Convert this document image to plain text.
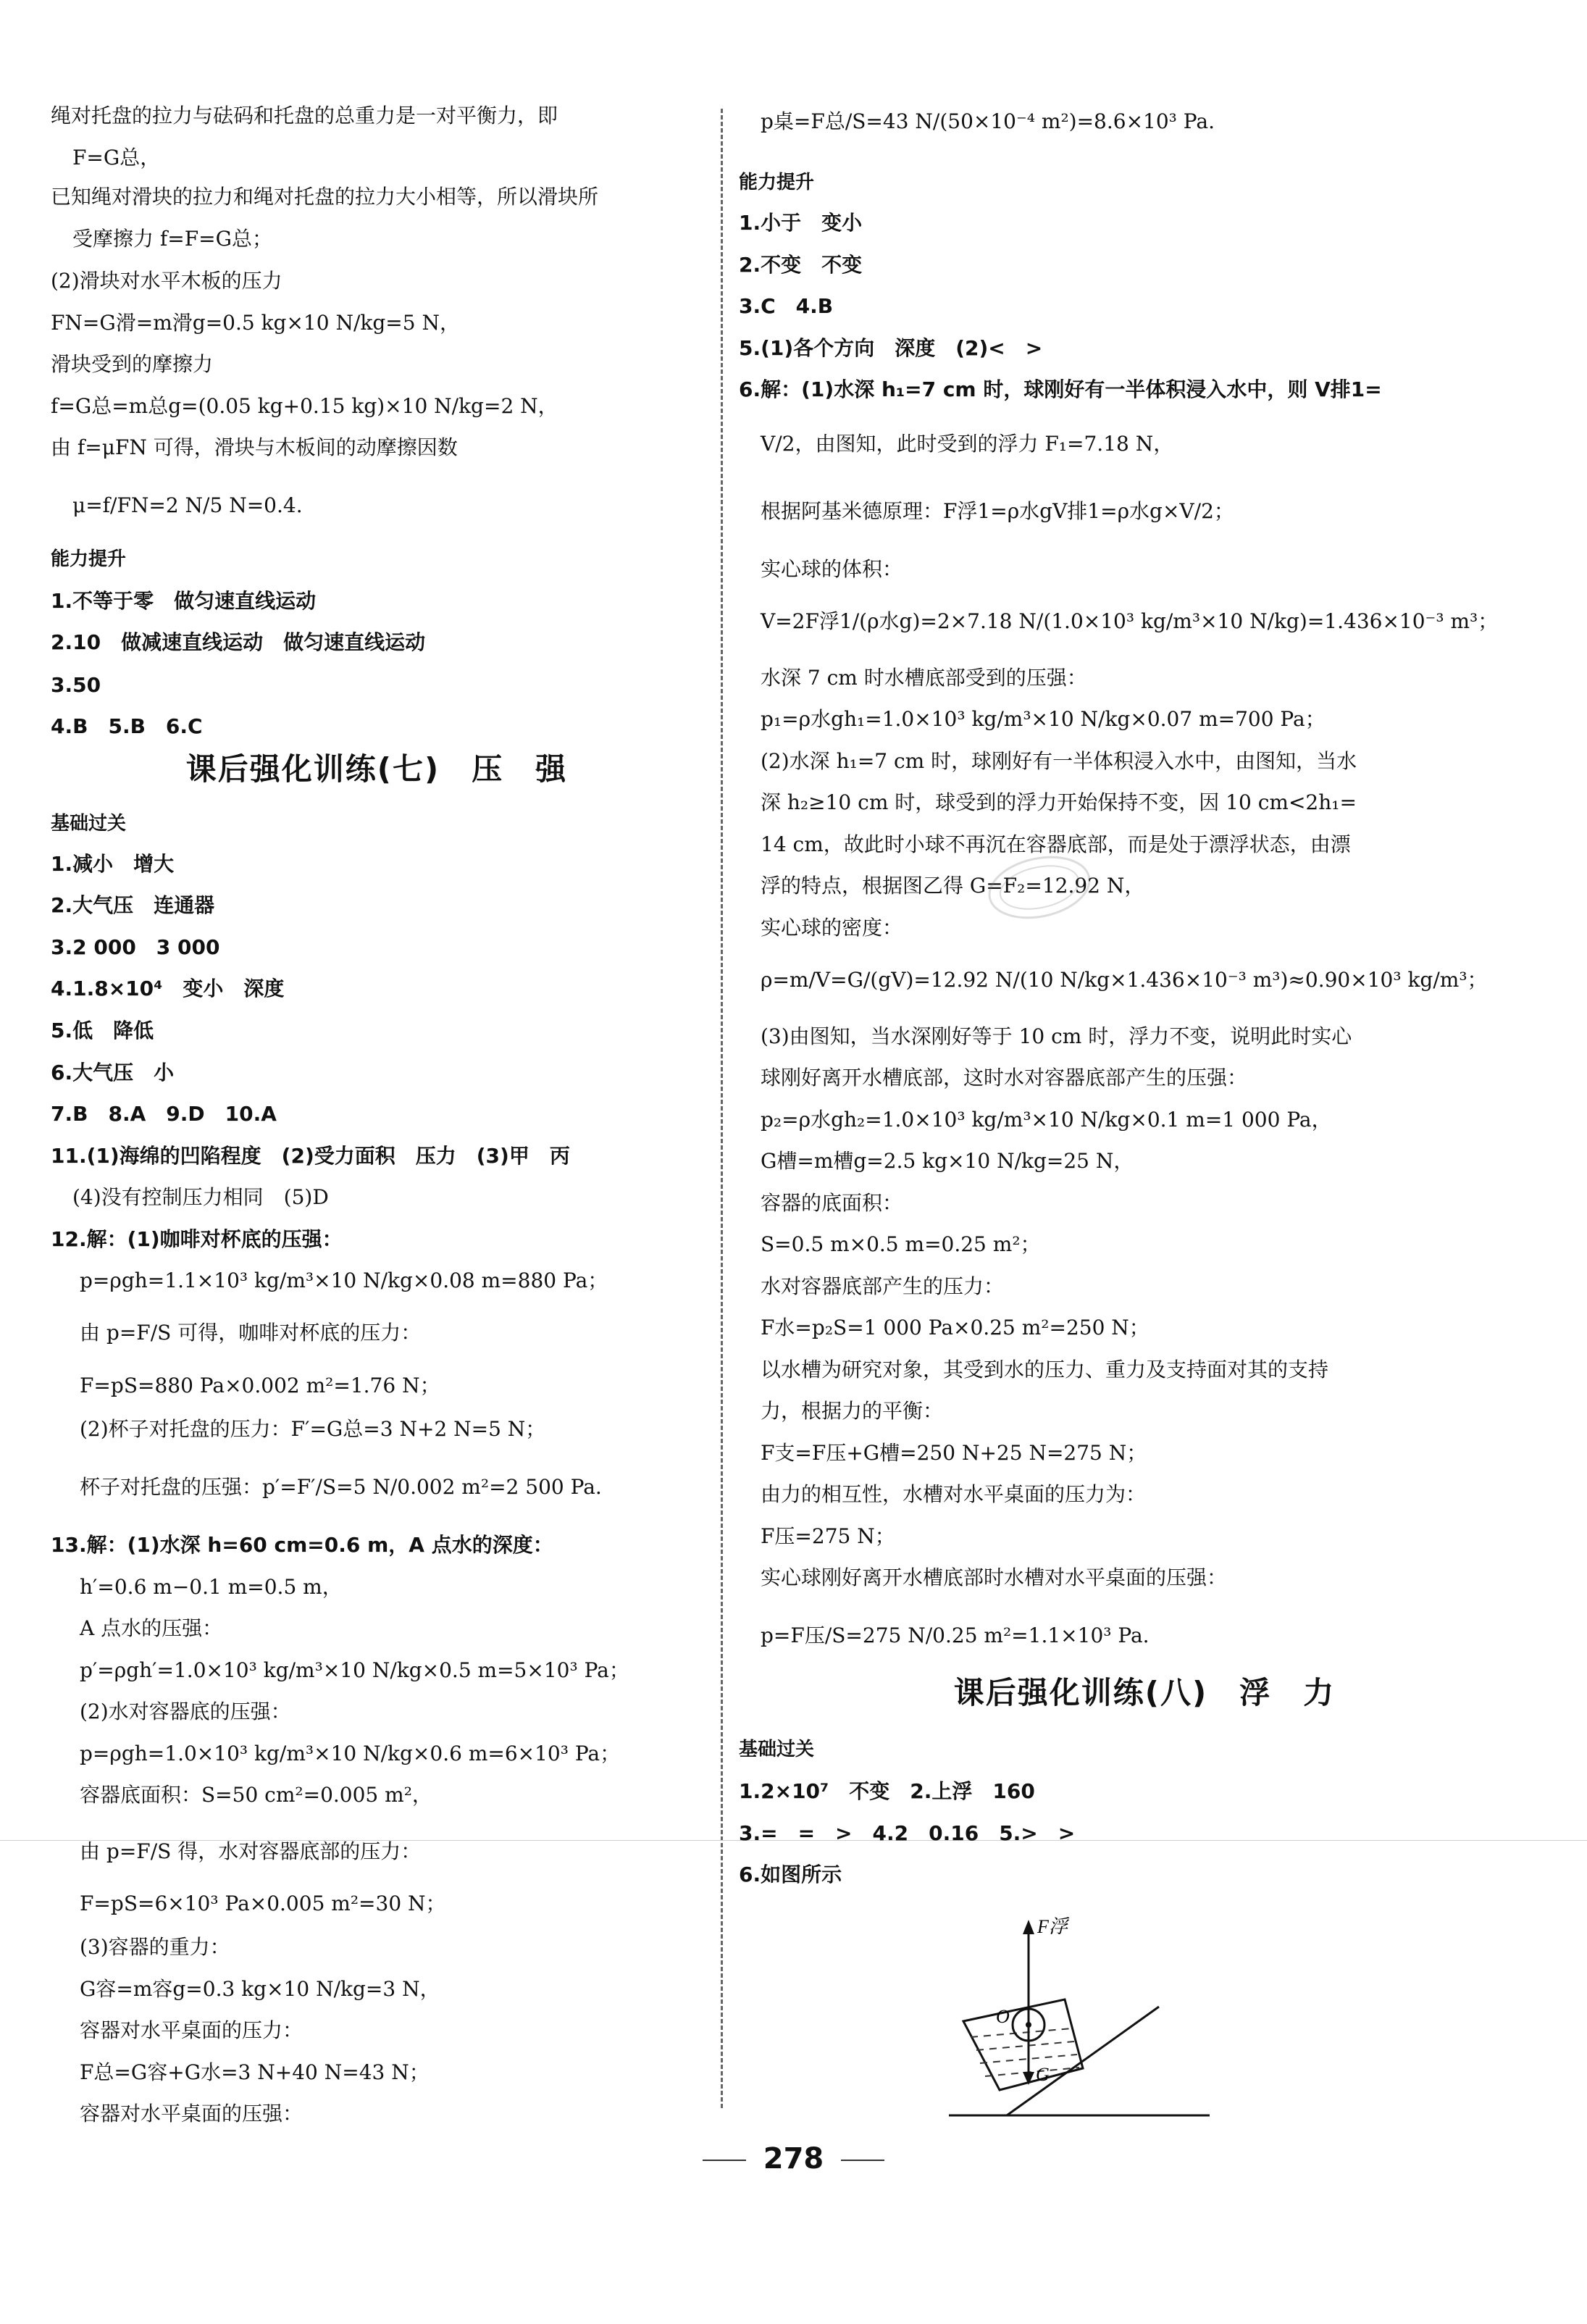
绳对托盘的拉力与砝码和托盘的总重力是一对平衡力，即
F=G总，
已知绳对滑块的拉力和绳对托盘的拉力大小相等，所以滑块所
受摩擦力 f=F=G总；
(2)滑块对水平木板的压力
FN=G滑=m滑g=0.5 kg×10 N/kg=5 N，
滑块受到的摩擦力
f=G总=m总g=(0.05 kg+0.15 kg)×10 N/kg=2 N，
由 f=μFN 可得，滑块与木板间的动摩擦因数
μ=f/FN=2 N/5 N=0.4.
能力提升
1.不等于零　做匀速直线运动
2.10　做减速直线运动　做匀速直线运动
3.50
4.B　5.B　6.C
课后强化训练(七)　压　强
基础过关
1.减小　增大
2.大气压　连通器
3.2 000　3 000
4.1.8×10⁴　变小　深度
5.低　降低
6.大气压　小
7.B　8.A　9.D　10.A
11.(1)海绵的凹陷程度　(2)受力面积　压力　(3)甲　丙
(4)没有控制压力相同　(5)D
12.解：(1)咖啡对杯底的压强：
p=ρgh=1.1×10³ kg/m³×10 N/kg×0.08 m=880 Pa；
由 p=F/S 可得，咖啡对杯底的压力：
F=pS=880 Pa×0.002 m²=1.76 N；
(2)杯子对托盘的压力：F′=G总=3 N+2 N=5 N；
杯子对托盘的压强：p′=F′/S=5 N/0.002 m²=2 500 Pa.
13.解：(1)水深 h=60 cm=0.6 m，A 点水的深度：
h′=0.6 m−0.1 m=0.5 m，
A 点水的压强：
p′=ρgh′=1.0×10³ kg/m³×10 N/kg×0.5 m=5×10³ Pa；
(2)水对容器底的压强：
p=ρgh=1.0×10³ kg/m³×10 N/kg×0.6 m=6×10³ Pa；
容器底面积：S=50 cm²=0.005 m²，
由 p=F/S 得，水对容器底部的压力：
F=pS=6×10³ Pa×0.005 m²=30 N；
(3)容器的重力：
G容=m容g=0.3 kg×10 N/kg=3 N，
容器对水平桌面的压力：
F总=G容+G水=3 N+40 N=43 N；
容器对水平桌面的压强：
p桌=F总/S=43 N/(50×10⁻⁴ m²)=8.6×10³ Pa.
能力提升
1.小于　变小
2.不变　不变
3.C　4.B
5.(1)各个方向　深度　(2)<　>
6.解：(1)水深 h₁=7 cm 时，球刚好有一半体积浸入水中，则 V排1=
V/2，由图知，此时受到的浮力 F₁=7.18 N，
根据阿基米德原理：F浮1=ρ水gV排1=ρ水g×V/2；
实心球的体积：
V=2F浮1/(ρ水g)=2×7.18 N/(1.0×10³ kg/m³×10 N/kg)=1.436×10⁻³ m³；
水深 7 cm 时水槽底部受到的压强：
p₁=ρ水gh₁=1.0×10³ kg/m³×10 N/kg×0.07 m=700 Pa；
(2)水深 h₁=7 cm 时，球刚好有一半体积浸入水中，由图知，当水
深 h₂≥10 cm 时，球受到的浮力开始保持不变，因 10 cm<2h₁=
14 cm，故此时小球不再沉在容器底部，而是处于漂浮状态，由漂
浮的特点，根据图乙得 G=F₂=12.92 N，
实心球的密度：
ρ=m/V=G/(gV)=12.92 N/(10 N/kg×1.436×10⁻³ m³)≈0.90×10³ kg/m³；
(3)由图知，当水深刚好等于 10 cm 时，浮力不变，说明此时实心
球刚好离开水槽底部，这时水对容器底部产生的压强：
p₂=ρ水gh₂=1.0×10³ kg/m³×10 N/kg×0.1 m=1 000 Pa，
G槽=m槽g=2.5 kg×10 N/kg=25 N，
容器的底面积：
S=0.5 m×0.5 m=0.25 m²；
水对容器底部产生的压力：
F水=p₂S=1 000 Pa×0.25 m²=250 N；
以水槽为研究对象，其受到水的压力、重力及支持面对其的支持
力，根据力的平衡：
F支=F压+G槽=250 N+25 N=275 N；
由力的相互性，水槽对水平桌面的压力为：
F压=275 N；
实心球刚好离开水槽底部时水槽对水平桌面的压强：
p=F压/S=275 N/0.25 m²=1.1×10³ Pa.
课后强化训练(八)　浮　力
基础过关
1.2×10⁷　不变　2.上浮　160
3.=　=　>　4.2　0.16　5.>　>
6.如图所示
F浮
O
G
278
